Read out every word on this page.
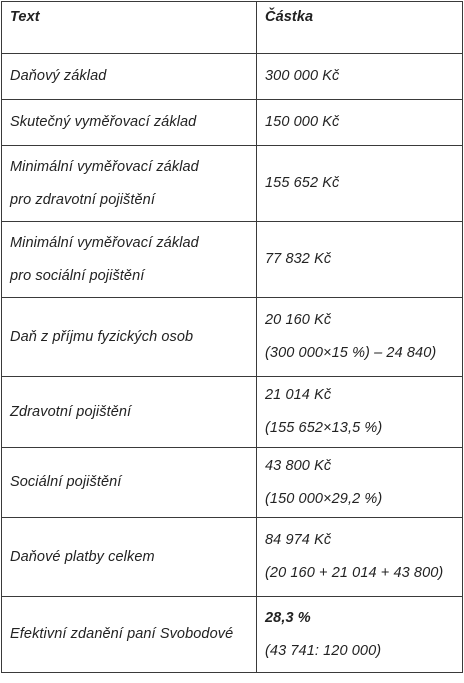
Text	Částka

Daňový základ	300 000 Kč

Skutečný vyměřovací základ	150 000 Kč

Minimální vyměřovací základ
pro zdravotní pojištění	155 652 Kč

Minimální vyměřovací základ
pro sociální pojištění	77 832 Kč

Daň z příjmu fyzických osob	20 160 Kč
(300 000×15 %) – 24 840)

Zdravotní pojištění	21 014 Kč
(155 652×13,5 %)

Sociální pojištění	43 800 Kč
(150 000×29,2 %)

Daňové platby celkem	84 974 Kč
(20 160 + 21 014 + 43 800)

Efektivní zdanění paní Svobodové	28,3 %
(43 741: 120 000)
